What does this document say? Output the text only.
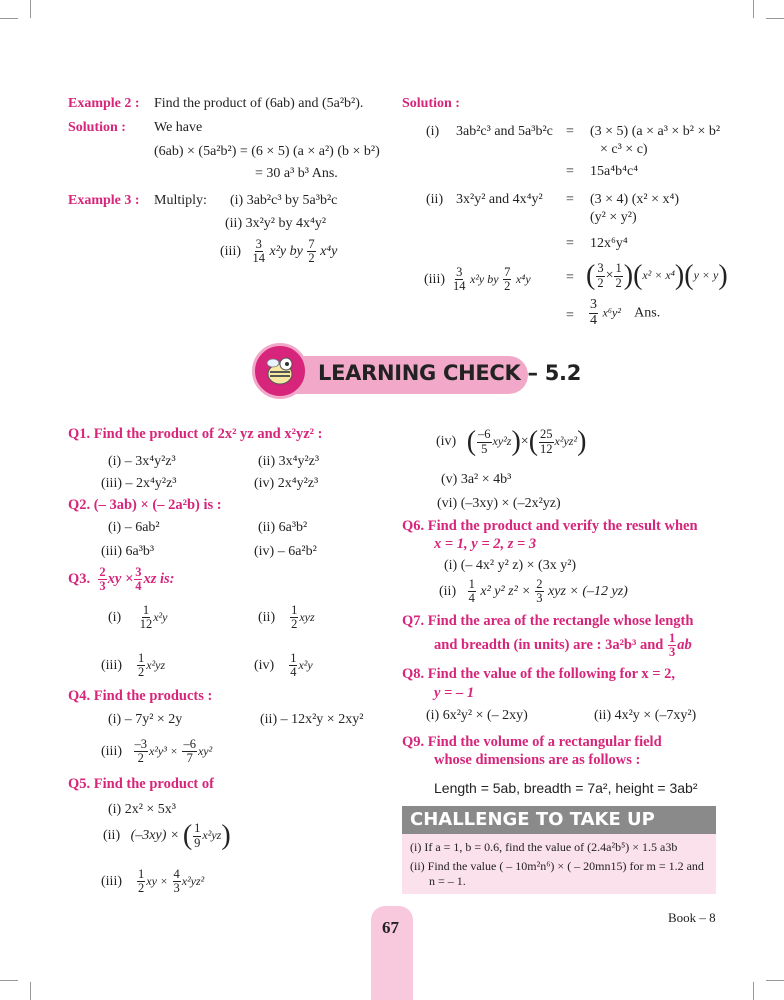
Example 2 : Find the product of (6ab) and (5a²b²).
Solution : We have
(6ab) × (5a²b²) = (6 × 5) (a × a²) (b × b²)
= 30 a³ b³ Ans.
Example 3 : Multiply: (i) 3ab²c³ by 5a³b²c
(ii) 3x²y² by 4x⁴y²
$(iii) \frac{3}{14} x^2y$ by $\frac{7}{2} x^4y$
Solution :
(i) 3ab²c³ and 5a³b²c = (3 × 5) (a × a³ × b² × b²
× c³ × c)
= 15a⁴b⁴c⁴
(ii) 3x²y² and 4x⁴y² = (3 × 4) (x² × x⁴)
(y² × y²)
= 12x⁶y⁴
$(iii) \frac{3}{14} x^2y$ by $\frac{7}{2} x^4y$	= ( $\frac{3}{2} \times \frac{1}{2} )(x^2 \times x^4)(y \times y)$
= $\frac{3}{4} x^6y^2$ Ans.
LEARNING CHECK – 5.2
Q1. Find the product of 2x² yz and x²yz² :
(i) – 3x⁴y²z³	(ii) 3x⁴y²z³
(iii) – 2x⁴y²z³	(iv) 2x⁴y²z³
Q2. (– 3ab) × (– 2a²b) is :
(i) – 6ab²	(ii) 6a³b²
(iii) 6a³b³	(iv) – 6a²b²
Q3. $\frac{2}{3}$ xy × $\frac{3}{4}$ xz is:
$(i) \frac{1}{12} x^2y$	$(ii) \frac{1}{2}$ xyz
$(iii) \frac{1}{2} x^2yz$	$(iv) \frac{1}{4} x^2y$
Q4. Find the products :
(i) – 7y² × 2y	(ii) – 12x²y × 2xy²
$(iii) \frac{-3}{2} x^2y^3 \times \frac{-6}{7} xy^2$
Q5. Find the product of
(i) 2x² × 5x³
(ii) (–3xy) × ( $\frac{1}{9} x^2yz$)
$(iii) \frac{1}{2}$ xy × $\frac{4}{3} x^2yz^2$
(iv)   ( $\frac{-6}{5} xy^2z)\times( \frac{25}{12} x^2yz^2)$
(v) 3a² × 4b³
(vi) (–3xy) × (–2x²yz)
Q6. Find the product and verify the result when
x = 1, y = 2, z = 3
(i) (– 4x² y² z) × (3x y²)
$(ii) \frac{1}{4} x^2$ y² $z^2 \times \frac{2}{3}$ xyz × (–12 yz)
Q7. Find the area of the rectangle whose length
and breadth (in units) are : 3a²b³ and $\frac{1}{3}$ ab
Q8. Find the value of the following for x = 2,
y = – 1
(i) 6x²y² × (– 2xy)	(ii) 4x²y × (–7xy²)
Q9. Find the volume of a rectangular field
whose dimensions are as follows :
Length = 5ab, breadth = 7a², height = 3ab²
CHALLENGE TO TAKE UP
(i) If a = 1, b = 0.6, find the value of (2.4a²b⁵) × 1.5 a3b
(ii) Find the value ( – 10m²n⁶) × ( – 20mn15) for m = 1.2 and
n = – 1.
67
Book – 8
